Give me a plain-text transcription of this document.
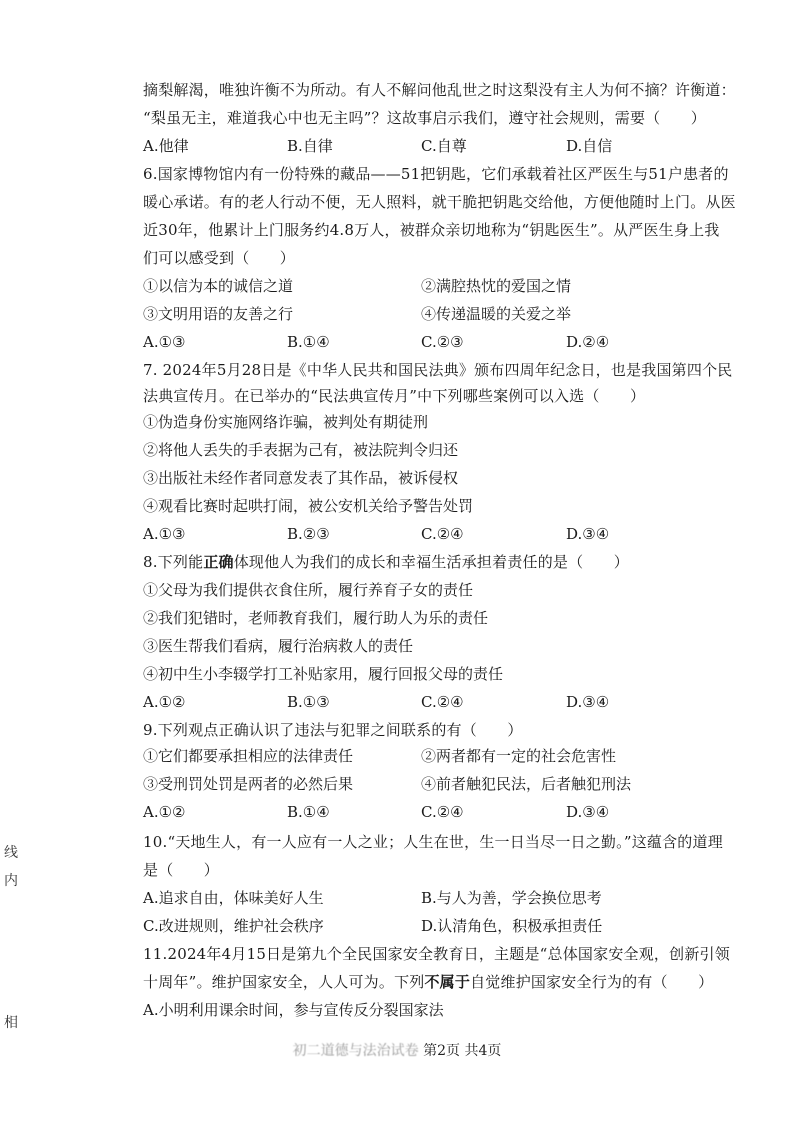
摘梨解渴，唯独许衡不为所动。有人不解问他乱世之时这梨没有主人为何不摘？许衡道：
“梨虽无主，难道我心中也无主吗”？这故事启示我们，遵守社会规则，需要（　　）
A.他律	B.自律	C.自尊	D.自信
6.国家博物馆内有一份特殊的藏品——51把钥匙，它们承载着社区严医生与51户患者的
暖心承诺。有的老人行动不便，无人照料，就干脆把钥匙交给他，方便他随时上门。从医
近30年，他累计上门服务约4.8万人，被群众亲切地称为“钥匙医生”。从严医生身上我
们可以感受到（　　）
①以信为本的诚信之道	②满腔热忱的爱国之情
③文明用语的友善之行	④传递温暖的关爱之举
A.①③	B.①④	C.②③	D.②④
7. 2024年5月28日是《中华人民共和国民法典》颁布四周年纪念日，也是我国第四个民
法典宣传月。在已举办的“民法典宣传月”中下列哪些案例可以入选（　　）
①伪造身份实施网络诈骗，被判处有期徒刑
②将他人丢失的手表据为己有，被法院判令归还
③出版社未经作者同意发表了其作品，被诉侵权
④观看比赛时起哄打闹，被公安机关给予警告处罚
A.①③	B.②③	C.②④	D.③④
8.下列能正确体现他人为我们的成长和幸福生活承担着责任的是（　　）
①父母为我们提供衣食住所，履行养育子女的责任
②我们犯错时，老师教育我们，履行助人为乐的责任
③医生帮我们看病，履行治病救人的责任
④初中生小李辍学打工补贴家用，履行回报父母的责任
A.①②	B.①③	C.②④	D.③④
9.下列观点正确认识了违法与犯罪之间联系的有（　　）
①它们都要承担相应的法律责任	②两者都有一定的社会危害性
③受刑罚处罚是两者的必然后果	④前者触犯民法，后者触犯刑法
A.①②	B.①④	C.②④	D.③④
10.“天地生人，有一人应有一人之业；人生在世，生一日当尽一日之勤。”这蕴含的道理
是（　　）
A.追求自由，体味美好人生	B.与人为善，学会换位思考
C.改进规则，维护社会秩序	D.认清角色，积极承担责任
11.2024年4月15日是第九个全民国家安全教育日，主题是“总体国家安全观，创新引领
十周年”。维护国家安全，人人可为。下列不属于自觉维护国家安全行为的有（　　）
A.小明利用课余时间，参与宣传反分裂国家法
线
内
相
初二道德与法治试卷 第2页 共4页
